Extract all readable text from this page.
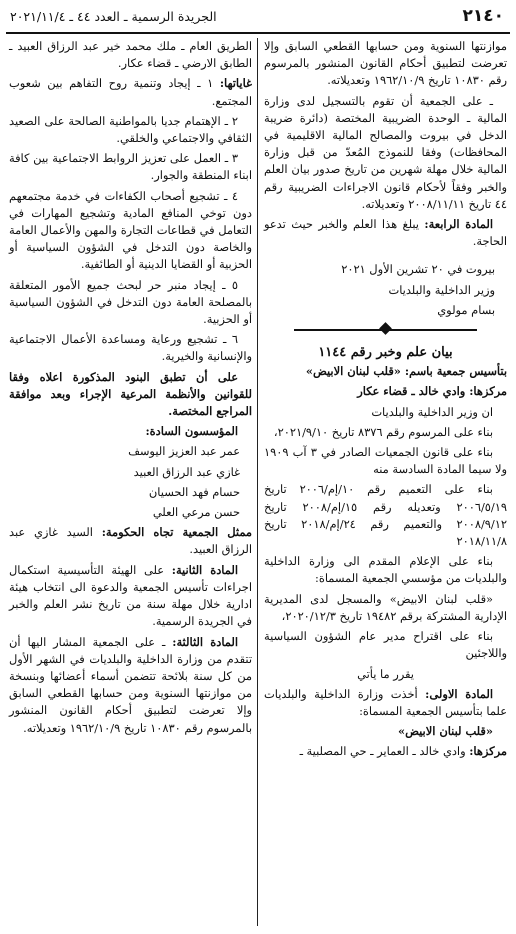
٢١٤٠
الجريدة الرسمية ـ العدد ٤٤ ـ ٢٠٢١/١١/٤

موازنتها السنوية ومن حسابها القطعي السابق وإلا تعرضت لتطبيق أحكام القانون المنشور بالمرسوم رقم ١٠٨٣٠ تاريخ ١٩٦٢/١٠/٩ وتعديلاته.

ـ على الجمعية أن تقوم بالتسجيل لدى وزارة المالية ـ الوحدة الضريبية المختصة (دائرة ضريبة الدخل في بيروت والمصالح المالية الاقليمية في المحافظات) وفقا للنموذج المُعدّ من قبل وزارة المالية خلال مهلة شهرين من تاريخ صدور بيان العلم والخبر وفقاً لأحكام قانون الاجراءات الضريبية رقم ٤٤ تاريخ ٢٠٠٨/١١/١١ وتعديلاته.

المادة الرابعة: يبلغ هذا العلم والخبر حيث تدعو الحاجة.

بيروت في ٢٠ تشرين الأول ٢٠٢١

وزير الداخلية والبلديات

بسام مولوي

بيان علم وخبر رقم ١١٤٤

بتأسيس جمعية باسم: «قلب لبنان الابيض»

مركزها: وادي خالد ـ قضاء عكار

ان وزير الداخلية والبلديات

بناء على المرسوم رقم ٨٣٧٦ تاريخ ٢٠٢١/٩/١٠،

بناء على قانون الجمعيات الصادر في ٣ آب ١٩٠٩ ولا سيما المادة السادسة منه

بناء على التعميم رقم ١٠/إم/٢٠٠٦ تاريخ ٢٠٠٦/٥/١٩ وتعديله رقم ١٥/إم/٢٠٠٨ تاريخ ٢٠٠٨/٩/١٢ والتعميم رقم ٢٤/إم/٢٠١٨ تاريخ ٢٠١٨/١١/٨

بناء على الإعلام المقدم الى وزارة الداخلية والبلديات من مؤسسي الجمعية المسماة:

«قلب لبنان الابيض» والمسجل لدى المديرية الإدارية المشتركة برقم ١٩٤٨٢ تاريخ ٢٠٢٠/١٢/٣،

بناء على اقتراح مدير عام الشؤون السياسية واللاجئين

يقرر ما يأتي

المادة الاولى: أخذت وزارة الداخلية والبلديات علما بتأسيس الجمعية المسماة:

«قلب لبنان الابيض»

مركزها: وادي خالد ـ العماير ـ حي المصلبية ـ

الطريق العام ـ ملك محمد خير عبد الرزاق العبيد ـ الطابق الارضي ـ قضاء عكار.

غاياتها: ١ ـ إيجاد وتنمية روح التفاهم بين شعوب المجتمع.

٢ ـ الإهتمام جديا بالمواطنية الصالحة على الصعيد الثقافي والاجتماعي والخلقي.

٣ ـ العمل على تعزيز الروابط الاجتماعية بين كافة ابناء المنطقة والجوار.

٤ ـ تشجيع أصحاب الكفاءات في خدمة مجتمعهم دون توخي المنافع المادية وتشجيع المهارات في التعامل في قطاعات التجارة والمهن والأعمال العامة والخاصة دون التدخل في الشؤون السياسية أو الحزبية أو القضايا الدينية أو الطائفية.

٥ ـ إيجاد منبر حر لبحث جميع الأمور المتعلقة بالمصلحة العامة دون التدخل في الشؤون السياسية أو الحزبية.

٦ ـ تشجيع ورعاية ومساعدة الأعمال الاجتماعية والإنسانية والخيرية.

على أن تطبق البنود المذكورة اعلاه وفقا للقوانين والأنظمة المرعية الإجراء وبعد موافقة المراجع المختصة.

المؤسسون السادة:

عمر عبد العزيز اليوسف

غازي عبد الرزاق العبيد

حسام فهد الحسيان

حسن مرعي العلي

ممثل الجمعية تجاه الحكومة: السيد غازي عبد الرزاق العبيد.

المادة الثانية: على الهيئة التأسيسية استكمال اجراءات تأسيس الجمعية والدعوة الى انتخاب هيئة ادارية خلال مهلة سنة من تاريخ نشر العلم والخبر في الجريدة الرسمية.

المادة الثالثة: ـ على الجمعية المشار اليها أن تتقدم من وزارة الداخلية والبلديات في الشهر الأول من كل سنة بلائحة تتضمن أسماء أعضائها وبنسخة من موازنتها السنوية ومن حسابها القطعي السابق وإلا تعرضت لتطبيق أحكام القانون المنشور بالمرسوم رقم ١٠٨٣٠ تاريخ ١٩٦٢/١٠/٩ وتعديلاته.
